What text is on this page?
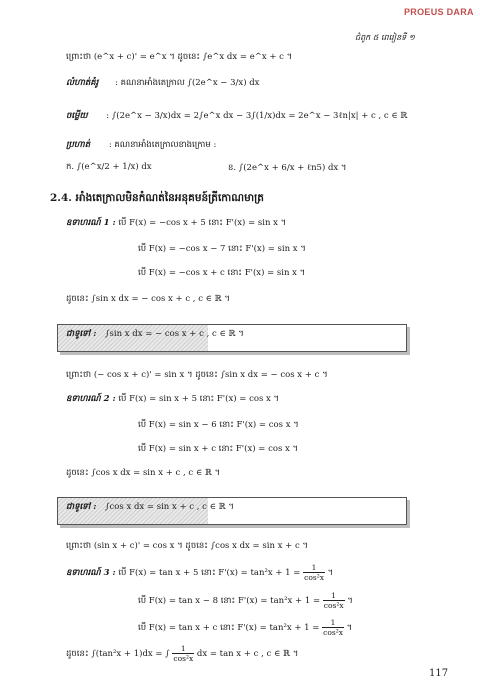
PROEUS DARA
ជំពូក ៥ ពេរៀនទី ១
ព្រោះថា (e^x + c)' = e^x ។ ដូចនេះ ∫e^x dx = e^x + c ។
លំហាត់គំរូ : គណនាអាំងតេក្រាល ∫(2e^x − 3/x) dx
ចម្លើយ : ∫(2e^x − 3/x)dx = 2∫e^x dx − 3∫(1/x)dx = 2e^x − 3ℓn|x| + c , c ∈ ℝ
ប្រហាត់ : គណនាអាំងតេក្រាលខាងក្រោម :
ក. ∫(e^x/2 + 1/x) dx	ខ. ∫(2e^x + 6/x + ℓn5) dx ។
2.4. អាំងតេក្រាលមិនកំណត់នៃអនុគមន៍ត្រីកោណមាត្រ
ឧទាហរណ៍ 1 : បើ F(x) = −cos x + 5 នោះ F'(x) = sin x ។
បើ F(x) = −cos x − 7 នោះ F'(x) = sin x ។
បើ F(x) = −cos x + c នោះ F'(x) = sin x ។
ដូចនេះ ∫sin x dx = − cos x + c , c ∈ ℝ ។
ជាទូទៅ : ∫sin x dx = − cos x + c , c ∈ ℝ ។
ព្រោះថា (− cos x + c)' = sin x ។ ដូចនេះ ∫sin x dx = − cos x + c ។
ឧទាហរណ៍ 2 : បើ F(x) = sin x + 5 នោះ F'(x) = cos x ។
បើ F(x) = sin x − 6 នោះ F'(x) = cos x ។
បើ F(x) = sin x + c នោះ F'(x) = cos x ។
ដូចនេះ ∫cos x dx = sin x + c , c ∈ ℝ ។
ជាទូទៅ : ∫cos x dx = sin x + c , c ∈ ℝ ។
ព្រោះថា (sin x + c)' = cos x ។ ដូចនេះ ∫cos x dx = sin x + c ។
ឧទាហរណ៍ 3 : បើ F(x) = tan x + 5 នោះ $F'(x) = \tan^2x + 1 = \frac{1}{\text{cos²x}}$ ។
បើ F(x) = tan x − 8 នោះ $F'(x) = \tan^2x + 1 = \frac{1}{\text{cos²x}}$ ។
បើ F(x) = tan x + c នោះ $F'(x) = \tan^2x + 1 = \frac{1}{\text{cos²x}}$ ។
ដូចនេះ ∫(tan²x + 1)dx = ∫ $\frac{1}{\text{cos²x}}$ dx = tan x + c , c ∈ ℝ ។
117
